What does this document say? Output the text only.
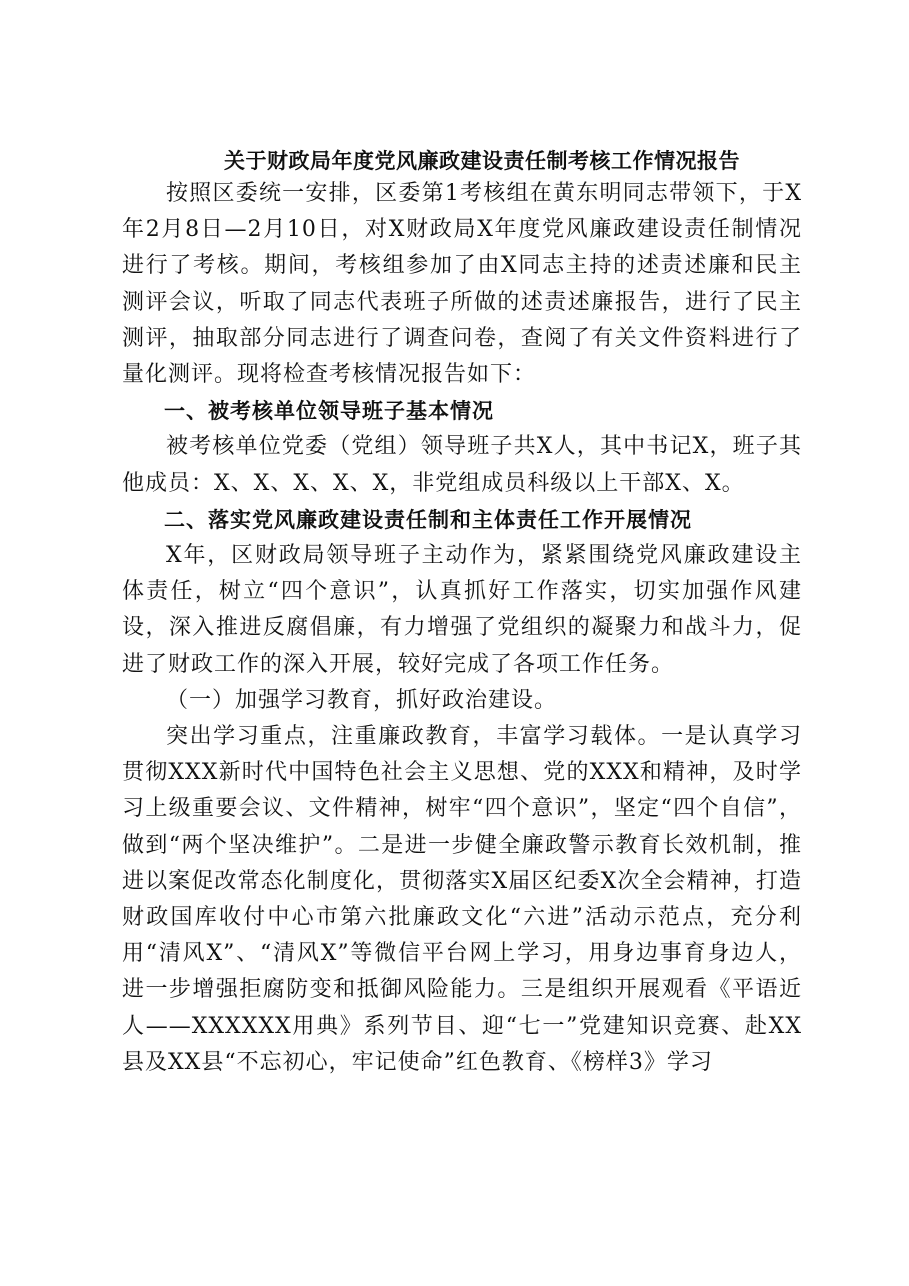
关于财政局年度党风廉政建设责任制考核工作情况报告

按照区委统一安排，区委第1考核组在黄东明同志带领下，于X年2月8日—2月10日，对X财政局X年度党风廉政建设责任制情况进行了考核。期间，考核组参加了由X同志主持的述责述廉和民主测评会议，听取了同志代表班子所做的述责述廉报告，进行了民主测评，抽取部分同志进行了调查问卷，查阅了有关文件资料进行了量化测评。现将检查考核情况报告如下：

一、被考核单位领导班子基本情况

被考核单位党委（党组）领导班子共X人，其中书记X，班子其他成员：X、X、X、X、X，非党组成员科级以上干部X、X。

二、落实党风廉政建设责任制和主体责任工作开展情况

X年，区财政局领导班子主动作为，紧紧围绕党风廉政建设主体责任，树立“四个意识”，认真抓好工作落实，切实加强作风建设，深入推进反腐倡廉，有力增强了党组织的凝聚力和战斗力，促进了财政工作的深入开展，较好完成了各项工作任务。

（一）加强学习教育，抓好政治建设。

突出学习重点，注重廉政教育，丰富学习载体。一是认真学习贯彻XXX新时代中国特色社会主义思想、党的XXX和精神，及时学习上级重要会议、文件精神，树牢“四个意识”，坚定“四个自信”，做到“两个坚决维护”。二是进一步健全廉政警示教育长效机制，推进以案促改常态化制度化，贯彻落实X届区纪委X次全会精神，打造财政国库收付中心市第六批廉政文化“六进”活动示范点，充分利用“清风X”、“清风X”等微信平台网上学习，用身边事育身边人，进一步增强拒腐防变和抵御风险能力。三是组织开展观看《平语近人——XXXXXX用典》系列节目、迎“七一”党建知识竞赛、赴XX县及XX县“不忘初心，牢记使命”红色教育、《榜样3》学习
